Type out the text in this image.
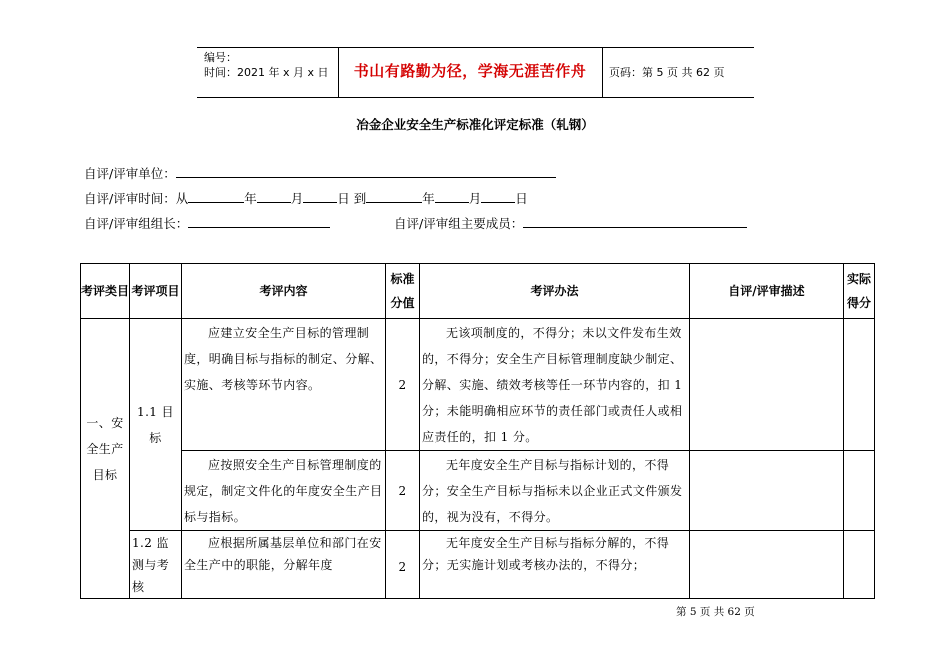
编号：
时间：2021 年 x 月 x 日	书山有路勤为径，学海无涯苦作舟	页码：第 5 页 共 62 页
冶金企业安全生产标准化评定标准（轧钢）
自评/评审单位：
自评/评审时间：从	年	月	日 到	年	月	日
自评/评审组组长：	自评/评审组主要成员：
考评类目	考评项目	考评内容	标准分值	考评办法	自评/评审描述	实际得分

一、安全生产目标	1.1 目标	应建立安全生产目标的管理制度，明确目标与指标的制定、分解、实施、考核等环节内容。	2	无该项制度的，不得分；未以文件发布生效的，不得分；安全生产目标管理制度缺少制定、分解、实施、绩效考核等任一环节内容的，扣 1 分；未能明确相应环节的责任部门或责任人或相应责任的，扣 1 分。		

		应按照安全生产目标管理制度的规定，制定文件化的年度安全生产目标与指标。	2	无年度安全生产目标与指标计划的，不得分；安全生产目标与指标未以企业正式文件颁发的，视为没有，不得分。		

	1.2 监测与考核	应根据所属基层单位和部门在安全生产中的职能，分解年度	2	无年度安全生产目标与指标分解的，不得分；无实施计划或考核办法的，不得分；		

第 5 页 共 62 页
